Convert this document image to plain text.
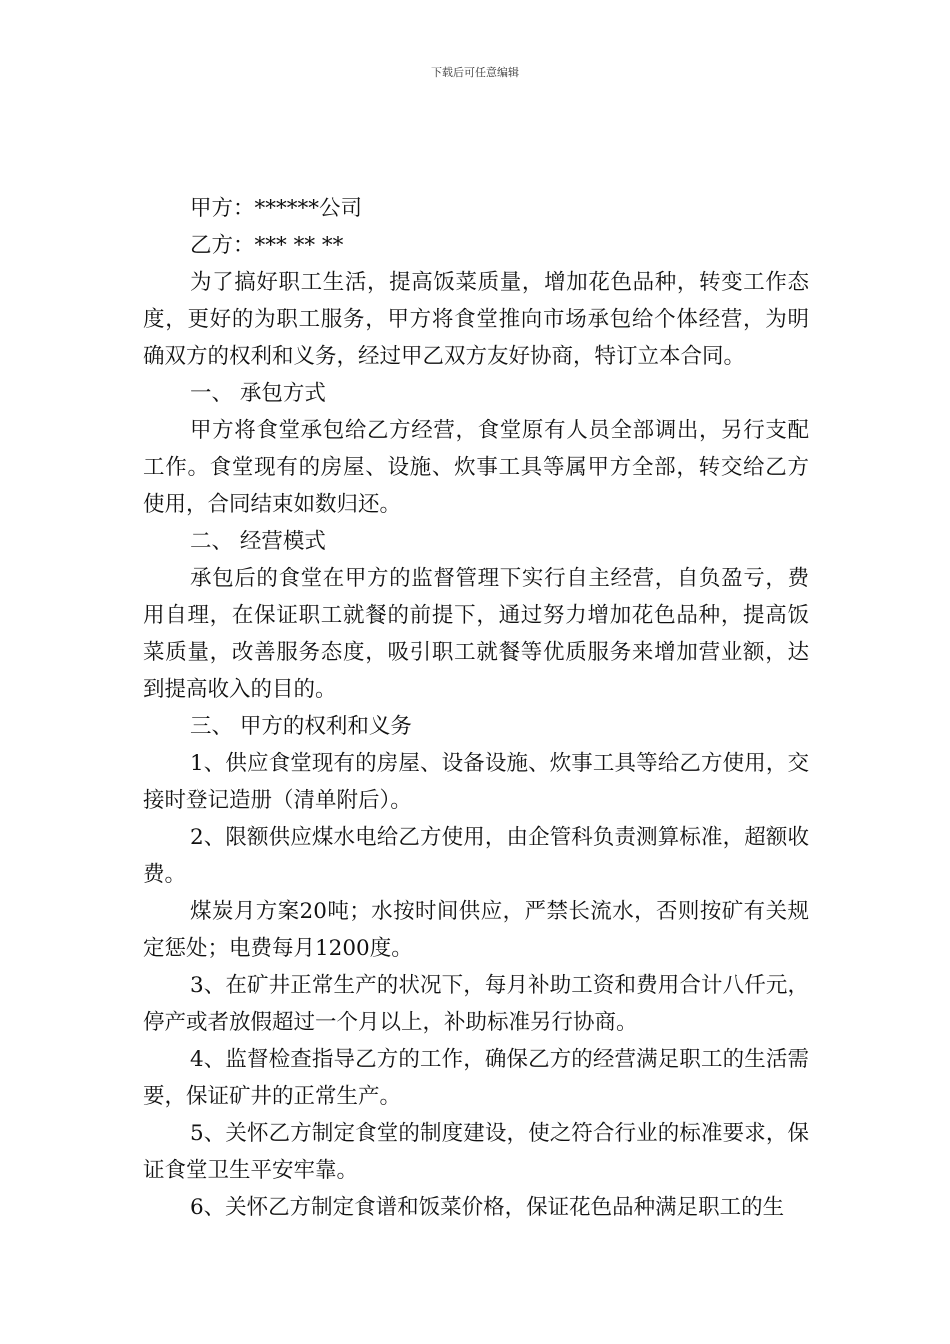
下载后可任意编辑

甲方：******公司

乙方：*** ** **

为了搞好职工生活，提高饭菜质量，增加花色品种，转变工作态度，更好的为职工服务，甲方将食堂推向市场承包给个体经营，为明确双方的权利和义务，经过甲乙双方友好协商，特订立本合同。

一、 承包方式

甲方将食堂承包给乙方经营，食堂原有人员全部调出，另行支配工作。食堂现有的房屋、设施、炊事工具等属甲方全部，转交给乙方使用，合同结束如数归还。

二、 经营模式

承包后的食堂在甲方的监督管理下实行自主经营，自负盈亏，费用自理，在保证职工就餐的前提下，通过努力增加花色品种，提高饭菜质量，改善服务态度，吸引职工就餐等优质服务来增加营业额，达到提高收入的目的。

三、 甲方的权利和义务

1、供应食堂现有的房屋、设备设施、炊事工具等给乙方使用，交接时登记造册（清单附后）。

2、限额供应煤水电给乙方使用，由企管科负责测算标准，超额收费。

煤炭月方案20吨；水按时间供应，严禁长流水，否则按矿有关规定惩处；电费每月1200度。

3、在矿井正常生产的状况下，每月补助工资和费用合计八仟元，停产或者放假超过一个月以上，补助标准另行协商。

4、监督检查指导乙方的工作，确保乙方的经营满足职工的生活需要，保证矿井的正常生产。

5、关怀乙方制定食堂的制度建设，使之符合行业的标准要求，保证食堂卫生平安牢靠。

6、关怀乙方制定食谱和饭菜价格，保证花色品种满足职工的生
